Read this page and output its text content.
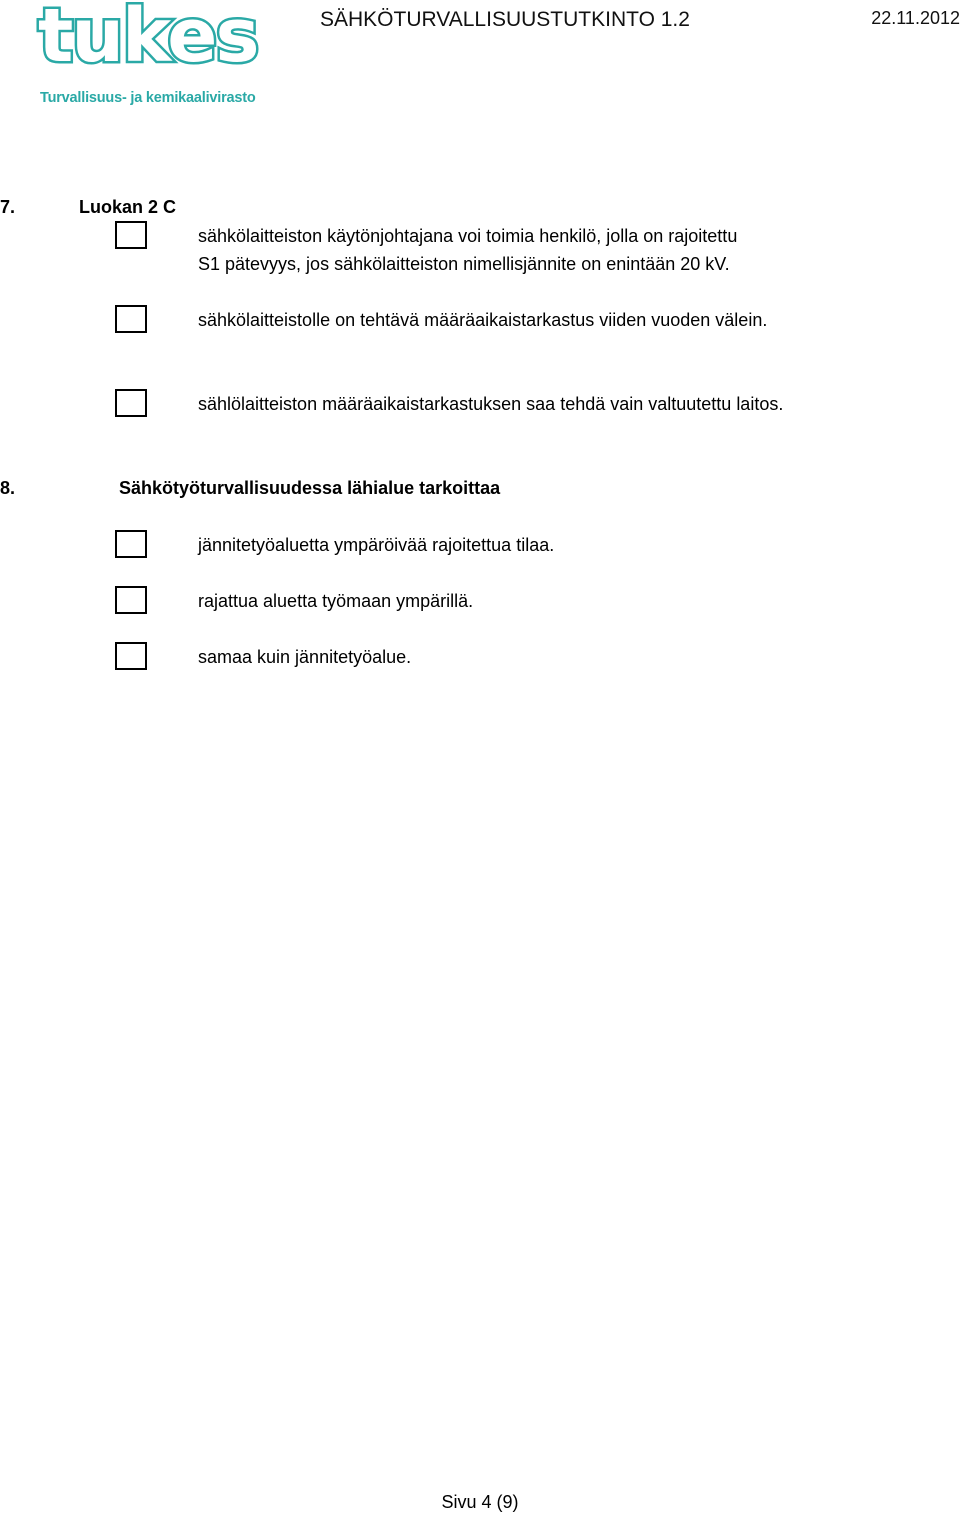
tukes
Turvallisuus- ja kemikaalivirasto
SÄHKÖTURVALLISUUSTUTKINTO 1.2	22.11.2012
7.	Luokan 2 C
sähkölaitteiston käytönjohtajana voi toimia henkilö, jolla on rajoitettu
S1 pätevyys, jos sähkölaitteiston nimellisjännite on enintään 20 kV.
sähkölaitteistolle on tehtävä määräaikaistarkastus viiden vuoden välein.
sählölaitteiston määräaikaistarkastuksen saa tehdä vain valtuutettu laitos.
8.	Sähkötyöturvallisuudessa lähialue tarkoittaa
jännitetyöaluetta ympäröivää rajoitettua tilaa.
rajattua aluetta työmaan ympärillä.
samaa kuin jännitetyöalue.
Sivu 4 (9)
